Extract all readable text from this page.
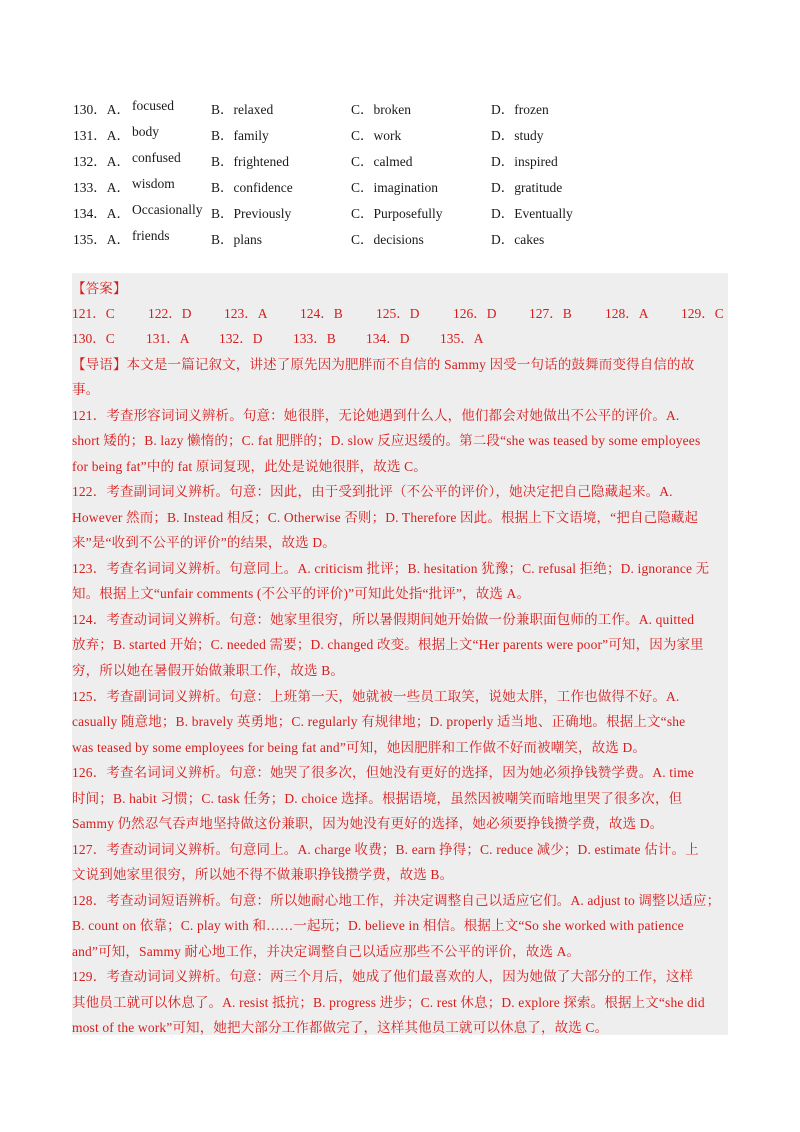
130．A． focused	B．relaxed	C．broken	D．frozen
131．A． body	B．family	C．work	D．study
132．A． confused B．frightened	C．calmed	D．inspired
133．A． wisdom	B．confidence	C．imagination	D．gratitude
134．A． Occasionally B．Previously	C．Purposefully	D．Eventually
135．A． friends	B．plans	C．decisions	D．cakes
【答案】
121．C 122．D 123．A 124．B 125．D 126．D 127．B 128．A 129．C
130．C 131．A 132．D 133．B 134．D 135．A
【导语】本文是一篇记叙文，讲述了原先因为肥胖而不自信的 Sammy 因受一句话的鼓舞而变得自信的故
事。
121．考查形容词词义辨析。句意：她很胖，无论她遇到什么人，他们都会对她做出不公平的评价。A.
short 矮的；B. lazy 懒惰的；C. fat 肥胖的；D. slow 反应迟缓的。第二段“she was teased by some employees
for being fat”中的 fat 原词复现，此处是说她很胖，故选 C。
122．考查副词词义辨析。句意：因此，由于受到批评（不公平的评价），她决定把自己隐藏起来。A.
However 然而；B. Instead 相反；C. Otherwise 否则；D. Therefore 因此。根据上下文语境，“把自己隐藏起
来”是“收到不公平的评价”的结果，故选 D。
123．考查名词词义辨析。句意同上。A. criticism 批评；B. hesitation 犹豫；C. refusal 拒绝；D. ignorance 无
知。根据上文“unfair comments (不公平的评价)”可知此处指“批评”，故选 A。
124．考查动词词义辨析。句意：她家里很穷，所以暑假期间她开始做一份兼职面包师的工作。A. quitted
放弃；B. started 开始；C. needed 需要；D. changed 改变。根据上文“Her parents were poor”可知，因为家里
穷，所以她在暑假开始做兼职工作，故选 B。
125．考查副词词义辨析。句意：上班第一天，她就被一些员工取笑，说她太胖，工作也做得不好。A.
casually 随意地；B. bravely 英勇地；C. regularly 有规律地；D. properly 适当地、正确地。根据上文“she
was teased by some employees for being fat and”可知，她因肥胖和工作做不好而被嘲笑，故选 D。
126．考查名词词义辨析。句意：她哭了很多次，但她没有更好的选择，因为她必须挣钱赞学费。A. time
时间；B. habit 习惯；C. task 任务；D. choice 选择。根据语境，虽然因被嘲笑而暗地里哭了很多次，但
Sammy 仍然忍气吞声地坚持做这份兼职，因为她没有更好的选择，她必须要挣钱攒学费，故选 D。
127．考查动词词义辨析。句意同上。A. charge 收费；B. earn 挣得；C. reduce 减少；D. estimate 估计。上
文说到她家里很穷，所以她不得不做兼职挣钱攒学费，故选 B。
128．考查动词短语辨析。句意：所以她耐心地工作，并决定调整自己以适应它们。A. adjust to 调整以适应；
B. count on 依靠；C. play with 和……一起玩；D. believe in 相信。根据上文“So she worked with patience
and”可知，Sammy 耐心地工作，并决定调整自己以适应那些不公平的评价，故选 A。
129．考查动词词义辨析。句意：两三个月后，她成了他们最喜欢的人，因为她做了大部分的工作，这样
其他员工就可以休息了。A. resist 抵抗；B. progress 进步；C. rest 休息；D. explore 探索。根据上文“she did
most of the work”可知，她把大部分工作都做完了，这样其他员工就可以休息了，故选 C。
